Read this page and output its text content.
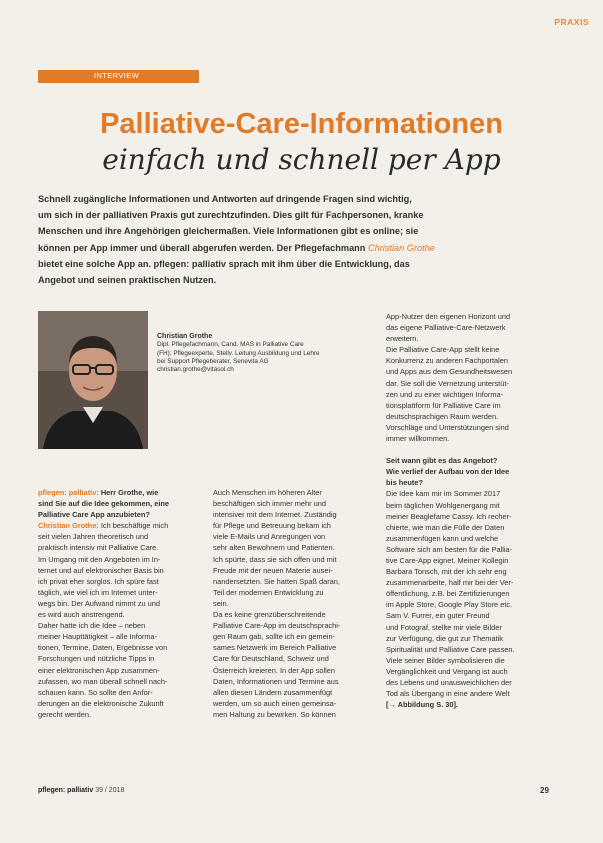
PRAXIS
INTERVIEW
Palliative-Care-Informationen
einfach und schnell per App
Schnell zugängliche Informationen und Antworten auf dringende Fragen sind wichtig,
um sich in der palliativen Praxis gut zurechtzufinden. Dies gilt für Fachpersonen, kranke
Menschen und ihre Angehörigen gleichermaßen. Viele Informationen gibt es online; sie
können per App immer und überall abgerufen werden. Der Pflegefachmann Christian Grothe
bietet eine solche App an. pflegen: palliativ sprach mit ihm über die Entwicklung, das
Angebot und seinen praktischen Nutzen.
Christian Grothe
Dipl. Pflegefachmann, Cand. MAS in Palliative Care
(FH); Pflegeexperte, Stellv. Leitung Ausbildung und Lehre
bei Support Pflegeberater, Senevita AG
christian.grothe@vitasol.ch
pflegen: palliativ: Herr Grothe, wie
sind Sie auf die Idee gekommen, eine
Palliative Care App anzubieten?
Christian Grothe: Ich beschäftige mich
seit vielen Jahren theoretisch und
praktisch intensiv mit Palliative Care.
Im Umgang mit den Angeboten im In-
ternet und auf elektronischer Basis bin
ich privat eher sorglos. Ich spüre fast
täglich, wie viel ich im Internet unter-
wegs bin. Der Aufwand nimmt zu und
es wird auch anstrengend.
Daher hatte ich die Idee – neben
meiner Haupttätigkeit – alle Informa-
tionen, Termine, Daten, Ergebnisse von
Forschungen und nützliche Tipps in
einer elektronischen App zusammen-
zufassen, wo man überall schnell nach-
schauen kann. So sollte den Anfor-
derungen an die elektronische Zukunft
gerecht werden.
Auch Menschen im höheren Alter
beschäftigen sich immer mehr und
intensiver mit dem Internet. Zuständig
für Pflege und Betreuung bekam ich
viele E-Mails und Anregungen von
sehr alten Bewohnern und Patienten.
Ich spürte, dass sie sich offen und mit
Freude mit der neuen Materie ausei-
nandersetzten. Sie hatten Spaß daran,
Teil der modernen Entwicklung zu
sein.
Da es keine grenzüberschreitende
Palliative Care-App im deutschsprachi-
gen Raum gab, sollte ich ein gemein-
sames Netzwerk im Bereich Palliative
Care für Deutschland, Schweiz und
Österreich kreieren. In der App sollen
Daten, Informationen und Termine aus
allen diesen Ländern zusammenfügt
werden, um so auch einen gemeinsa-
men Haltung zu bewirken. So können
App-Nutzer den eigenen Horizont und
das eigene Palliative-Care-Netzwerk
erweitern.
Die Palliative Care-App stellt keine
Konkurrenz zu anderen Fachportalen
und Apps aus dem Gesundheitswesen
dar. Sie soll die Vernetzung unterstüt-
zen und zu einer wichtigen Informa-
tionsplattform für Palliative Care im
deutschsprachigen Raum werden.
Vorschläge und Unterstützungen sind
immer willkommen.
Seit wann gibt es das Angebot?
Wie verlief der Aufbau von der Idee
bis heute?
Die Idee kam mir im Sommer 2017
beim täglichen Wohlgenergang mit
meiner Beaglefame Cassy. Ich recher-
chierte, wie man die Fülle der Daten
zusammenfügen kann und welche
Software sich am besten für die Pallia-
tive Care-App eignet. Meiner Kollegin
Barbara Tonsch, mit der ich sehr eng
zusammenarbeite, half mir bei der Ver-
öffentlichung, z.B. bei Zertifizierungen
im Apple Store, Google Play Store etc.
Sam V. Furrer, ein guter Freund
und Fotograf, stellte mir viele Bilder
zur Verfügung, die gut zur Thematik
Spiritualität und Palliative Care passen.
Viele seiner Bilder symbolisieren die
Vergänglichkeit und Vergang ist auch
des Lebens und unausweichlichen der
Tod als Übergang in eine andere Welt
[→ Abbildung S. 30].
pflegen: palliativ 39 / 2018	29
